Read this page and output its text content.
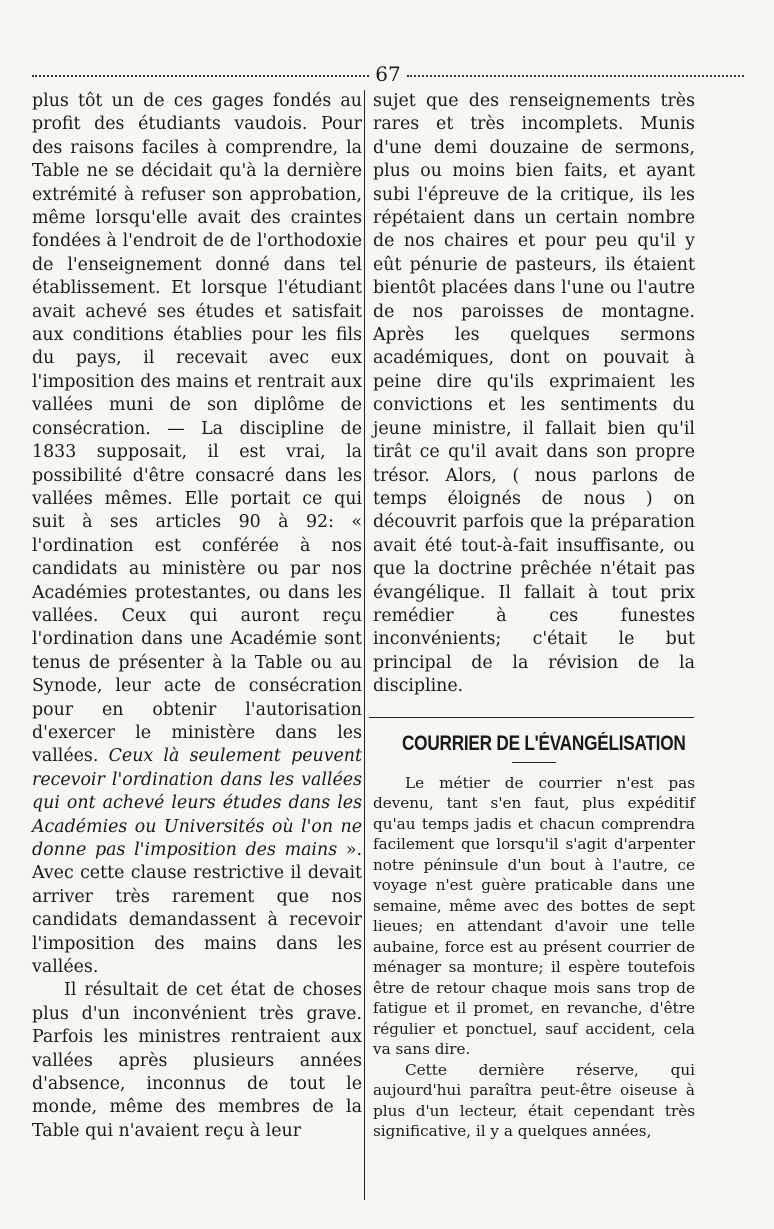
67

plus tôt un de ces gages fondés au profit des étudiants vaudois. Pour des raisons faciles à comprendre, la Table ne se décidait qu'à la dernière extrémité à refuser son approbation, même lorsqu'elle avait des craintes fondées à l'endroit de de l'orthodoxie de l'enseignement donné dans tel établissement. Et lorsque l'étudiant avait achevé ses études et satisfait aux conditions établies pour les fils du pays, il recevait avec eux l'imposition des mains et rentrait aux vallées muni de son diplôme de consécration. — La discipline de 1833 supposait, il est vrai, la possibilité d'être consacré dans les vallées mêmes. Elle portait ce qui suit à ses articles 90 à 92: « l'ordination est conférée à nos candidats au ministère ou par nos Académies protestantes, ou dans les vallées. Ceux qui auront reçu l'ordination dans une Académie sont tenus de présenter à la Table ou au Synode, leur acte de consécration pour en obtenir l'autorisation d'exercer le ministère dans les vallées. Ceux là seulement peuvent recevoir l'ordination dans les vallées qui ont achevé leurs études dans les Académies ou Universités où l'on ne donne pas l'imposition des mains ». Avec cette clause restrictive il devait arriver très rarement que nos candidats demandassent à recevoir l'imposition des mains dans les vallées.

Il résultait de cet état de choses plus d'un inconvénient très grave. Parfois les ministres rentraient aux vallées après plusieurs années d'absence, inconnus de tout le monde, même des membres de la Table qui n'avaient reçu à leur

sujet que des renseignements très rares et très incomplets. Munis d'une demi douzaine de sermons, plus ou moins bien faits, et ayant subi l'épreuve de la critique, ils les répétaient dans un certain nombre de nos chaires et pour peu qu'il y eût pénurie de pasteurs, ils étaient bientôt placées dans l'une ou l'autre de nos paroisses de montagne. Après les quelques sermons académiques, dont on pouvait à peine dire qu'ils exprimaient les convictions et les sentiments du jeune ministre, il fallait bien qu'il tirât ce qu'il avait dans son propre trésor. Alors, ( nous parlons de temps éloignés de nous ) on découvrit parfois que la préparation avait été tout-à-fait insuffisante, ou que la doctrine prêchée n'était pas évangélique. Il fallait à tout prix remédier à ces funestes inconvénients; c'était le but principal de la révision de la discipline.

COURRIER DE L'ÉVANGÉLISATION

Le métier de courrier n'est pas devenu, tant s'en faut, plus expéditif qu'au temps jadis et chacun comprendra facilement que lorsqu'il s'agit d'arpenter notre péninsule d'un bout à l'autre, ce voyage n'est guère praticable dans une semaine, même avec des bottes de sept lieues; en attendant d'avoir une telle aubaine, force est au présent courrier de ménager sa monture; il espère toutefois être de retour chaque mois sans trop de fatigue et il promet, en revanche, d'être régulier et ponctuel, sauf accident, cela va sans dire.

Cette dernière réserve, qui aujourd'hui paraîtra peut-être oiseuse à plus d'un lecteur, était cependant très significative, il y a quelques années,
